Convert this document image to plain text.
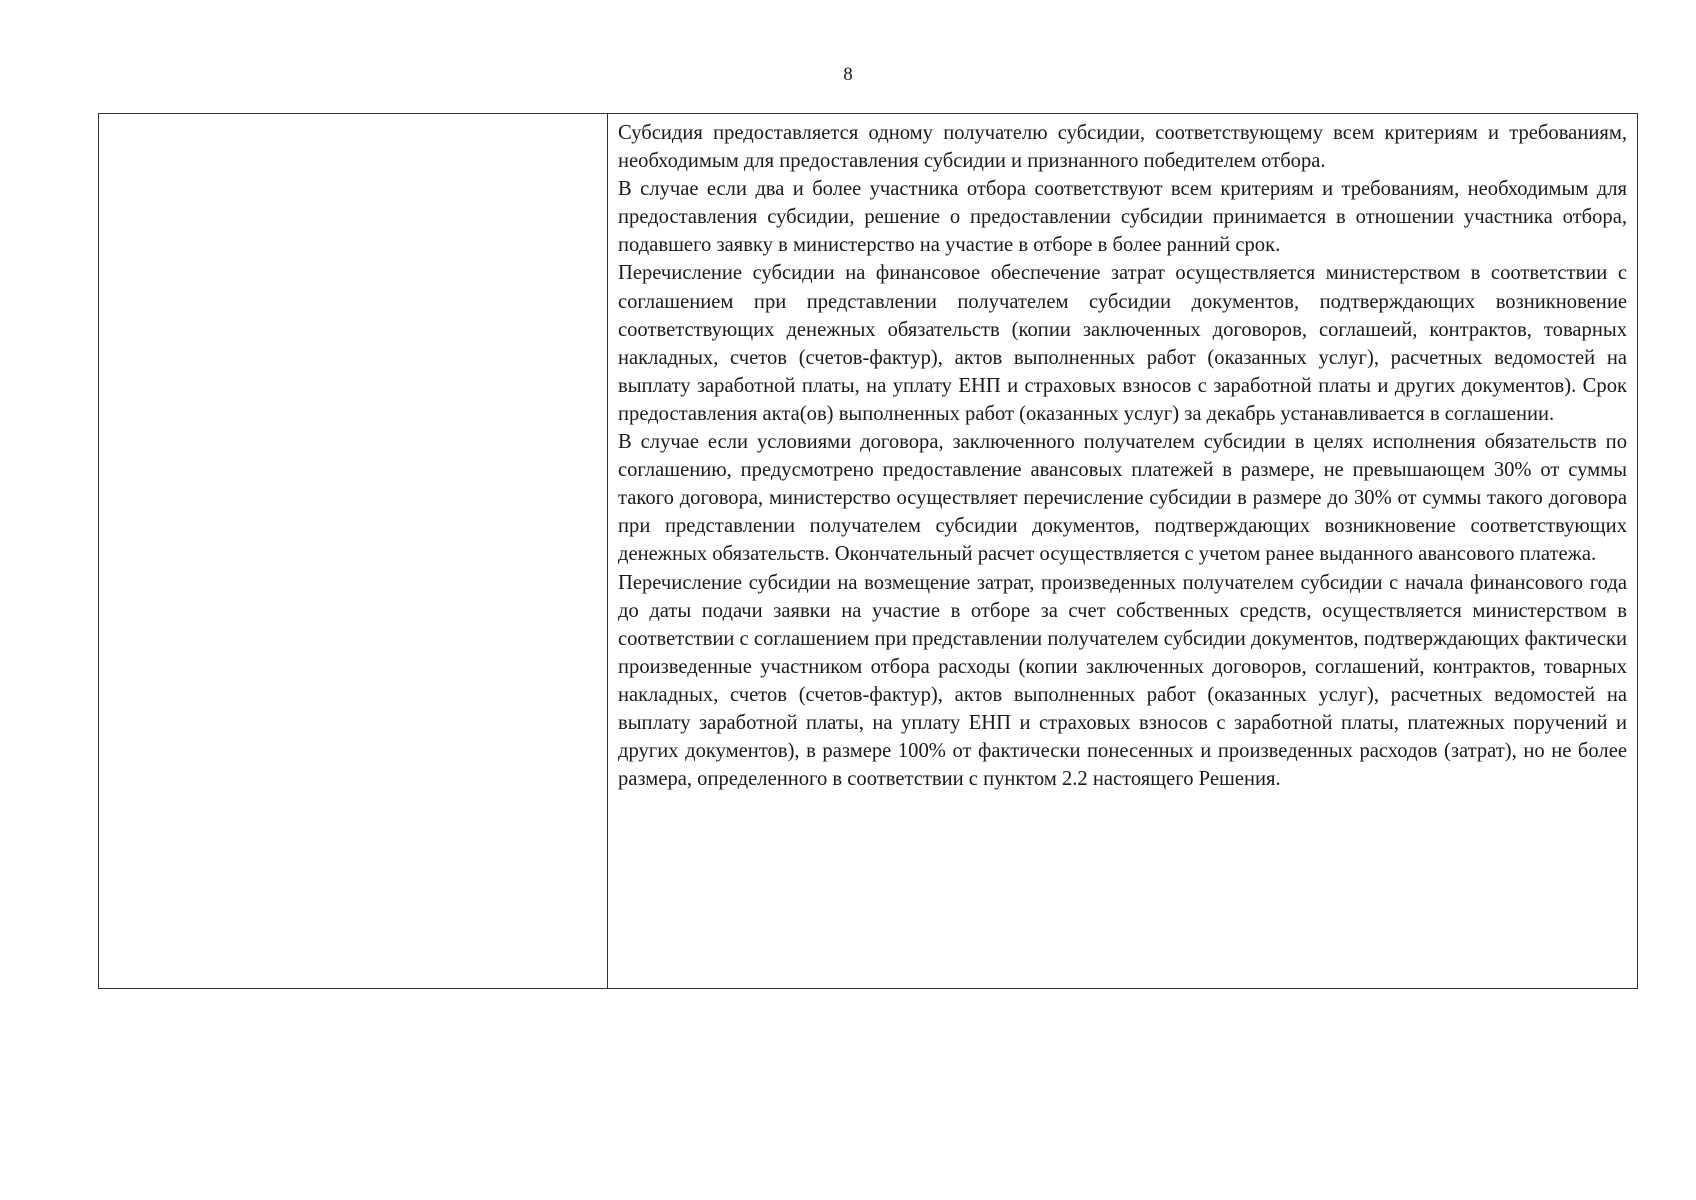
8

Субсидия предоставляется одному получателю субсидии, соответствующему всем критериям и требованиям, необходимым для предоставления субсидии и признанного победителем отбора.

В случае если два и более участника отбора соответствуют всем критериям и требованиям, необходимым для предоставления субсидии, решение о предоставлении субсидии принимается в отношении участника отбора, подавшего заявку в министерство на участие в отборе в более ранний срок.

Перечисление субсидии на финансовое обеспечение затрат осуществляется министерством в соответствии с соглашением при представлении получателем субсидии документов, подтверждающих возникновение соответствующих денежных обязательств (копии заключенных договоров, соглашеий, контрактов, товарных накладных, счетов (счетов-фактур), актов выполненных работ (оказанных услуг), расчетных ведомостей на выплату заработной платы, на уплату ЕНП и страховых взносов с заработной платы и других документов). Срок предоставления акта(ов) выполненных работ (оказанных услуг) за декабрь устанавливается в соглашении.

В случае если условиями договора, заключенного получателем субсидии в целях исполнения обязательств по соглашению, предусмотрено предоставление авансовых платежей в размере, не превышающем 30% от суммы такого договора, министерство осуществляет перечисление субсидии в размере до 30% от суммы такого договора при представлении получателем субсидии документов, подтверждающих возникновение соответствующих денежных обязательств. Окончательный расчет осуществляется с учетом ранее выданного авансового платежа.

Перечисление субсидии на возмещение затрат, произведенных получателем субсидии с начала финансового года до даты подачи заявки на участие в отборе за счет собственных средств, осуществляется министерством в соответствии с соглашением при представлении получателем субсидии документов, подтверждающих фактически произведенные участником отбора расходы (копии заключенных договоров, соглашений, контрактов, товарных накладных, счетов (счетов-фактур), актов выполненных работ (оказанных услуг), расчетных ведомостей на выплату заработной платы, на уплату ЕНП и страховых взносов с заработной платы, платежных поручений и других документов), в размере 100% от фактически понесенных и произведенных расходов (затрат), но не более размера, определенного в соответствии с пунктом 2.2 настоящего Решения.
